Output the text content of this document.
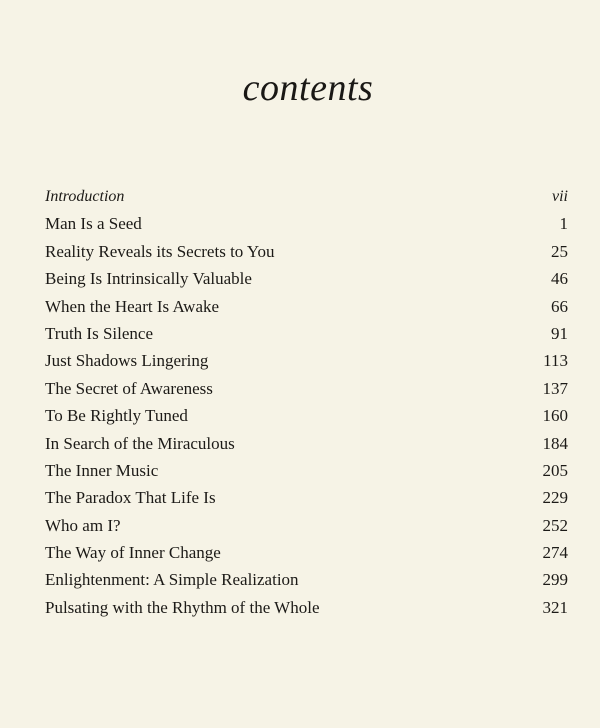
contents
Introduction	vii
Man Is a Seed	1
Reality Reveals its Secrets to You	25
Being Is Intrinsically Valuable	46
When the Heart Is Awake	66
Truth Is Silence	91
Just Shadows Lingering	113
The Secret of Awareness	137
To Be Rightly Tuned	160
In Search of the Miraculous	184
The Inner Music	205
The Paradox That Life Is	229
Who am I?	252
The Way of Inner Change	274
Enlightenment: A Simple Realization	299
Pulsating with the Rhythm of the Whole	321
